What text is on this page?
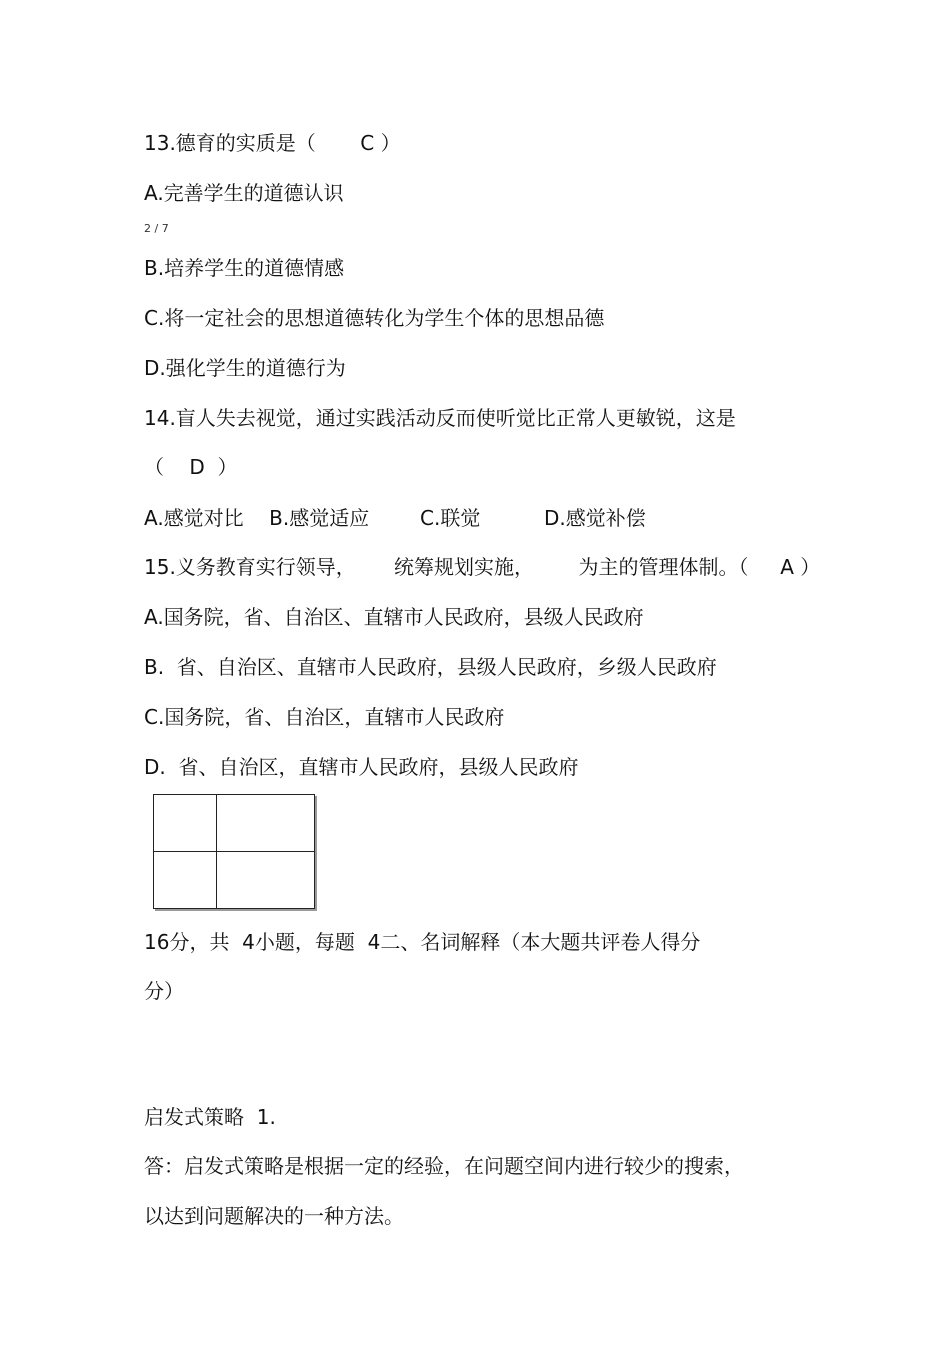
13.德育的实质是（       C ）

A.完善学生的道德认识

2 / 7

B.培养学生的道德情感

C.将一定社会的思想道德转化为学生个体的思想品德

D.强化学生的道德行为

14.盲人失去视觉，通过实践活动反而使听觉比正常人更敏锐，这是

（    D  ）

A.感觉对比    B.感觉适应        C.联觉          D.感觉补偿

15.义务教育实行领导，      统筹规划实施，       为主的管理体制。（     A ）

A.国务院，省、自治区、直辖市人民政府，县级人民政府

B.  省、自治区、直辖市人民政府，县级人民政府，乡级人民政府

C.国务院，省、自治区，直辖市人民政府

D.  省、自治区，直辖市人民政府，县级人民政府

16分，共  4小题，每题  4二、名词解释（本大题共评卷人得分

分）

启发式策略  1.

答：启发式策略是根据一定的经验，在问题空间内进行较少的搜索，

以达到问题解决的一种方法。
